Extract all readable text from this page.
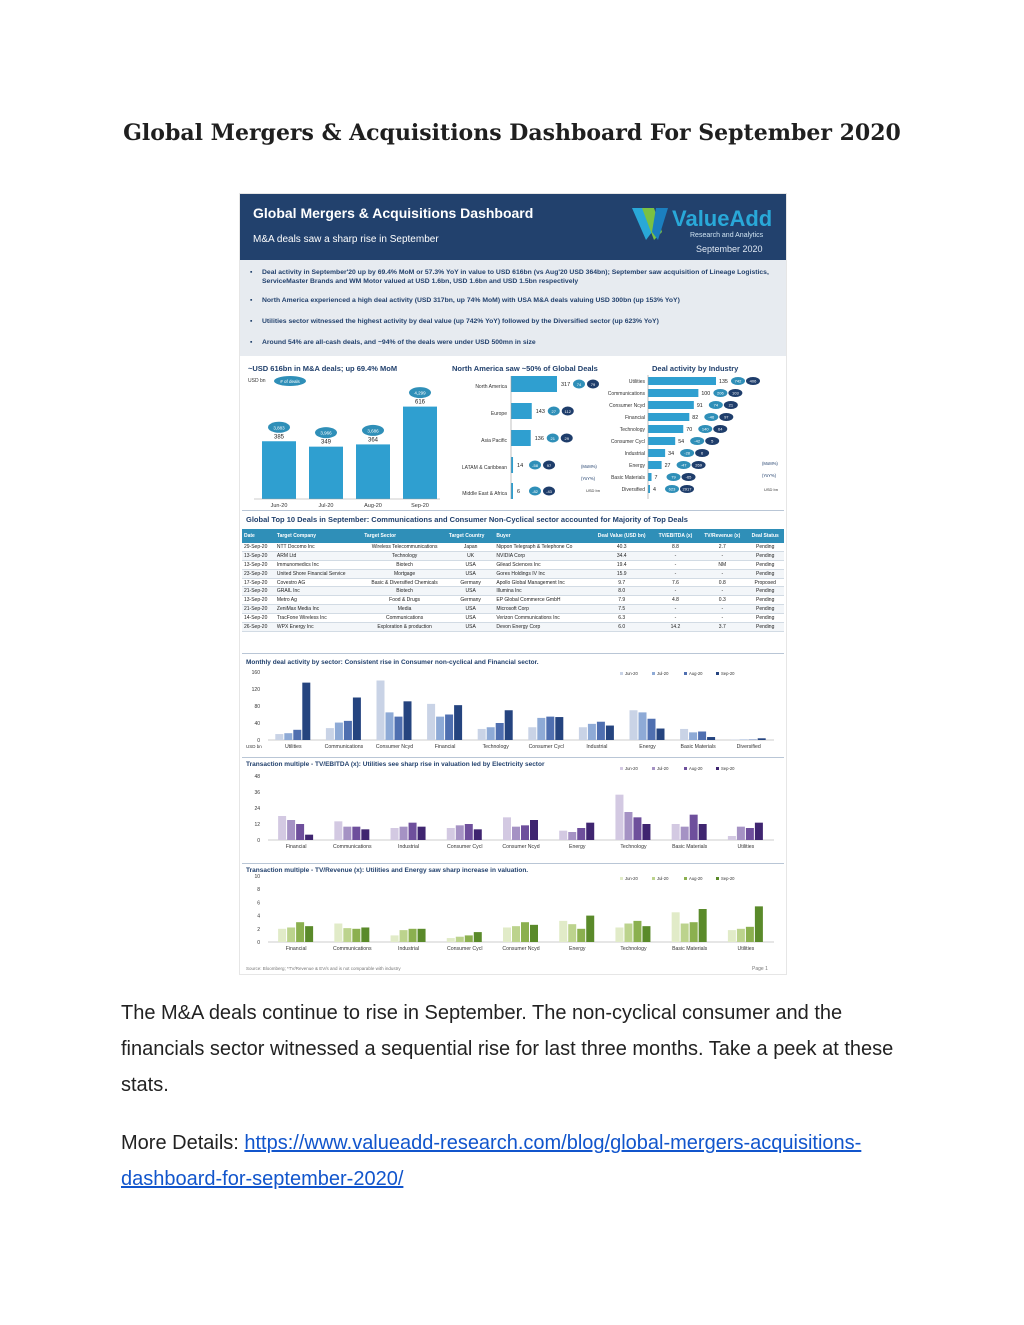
Global Mergers & Acquisitions Dashboard For September 2020
Global Mergers & Acquisitions Dashboard
M&A deals saw a sharp rise in September
ValueAdd
Research and Analytics
September 2020
▪ Deal activity in September'20 up by 69.4% MoM or 57.3% YoY in value to USD 616bn (vs Aug'20 USD 364bn); September saw acquisition of Lineage Logistics, ServiceMaster Brands and WM Motor valued at USD 1.6bn, USD 1.6bn and USD 1.5bn respectively
▪ North America experienced a high deal activity (USD 317bn, up 74% MoM) with USA M&A deals valuing USD 300bn (up 153% YoY)
▪ Utilities sector witnessed the highest activity by deal value (up 742% YoY) followed by the Diversified sector (up 623% YoY)
▪ Around 54% are all-cash deals, and ~94% of the deals were under USD 500mn in size
~USD 616bn in M&A deals; up 69.4% MoM
USD bn	# of deals
385
3,883
Jun-20
349
3,966
Jul-20
364
3,686
Aug-20
616
4,299
Sep-20
North America saw ~50% of Global Deals
North America	317 74 79
Europe	143 27 112
Asia Pacific	136 21 29
LATAM & Caribbean 14 -58 97
Middle East & Africa 6	-82 -43
(MoM%)
(YoY%)
USD bn
Deal activity by Industry
Utilities	135 742 406
Communications	100 206 103
Consumer Ncyd	91	74	21
Financial	82	-46 97
Technology	70 140 64
Consumer Cycl	54	-42	5
Industrial	34	-28	6
Energy	27	-47 269
Basic Materials 7	79 -65
Diversified 4	623 2917
(MoM%)
(YoY%)
USD bn
Global Top 10 Deals in September: Communications and Consumer Non-Cyclical sector accounted for Majority of Top Deals
Date	Target Company	Target Sector	Target Country	Buyer	Deal Value (USD bn)	TV/EBITDA (x)	TV/Revenue (x)	Deal Status
29-Sep-20	NTT Docomo Inc	Wireless Telecommunications	Japan	Nippon Telegraph & Telephone Co	40.3	8.8	2.7	Pending
13-Sep-20	ARM Ltd	Technology	UK	NVIDIA Corp	34.4	-	-	Pending
13-Sep-20	Immunomedics Inc	Biotech	USA	Gilead Sciences Inc	19.4	-	NM	Pending
23-Sep-20	United Shore Financial Service	Mortgage	USA	Gores Holdings IV Inc	15.9	-	-	Pending
17-Sep-20	Covestro AG	Basic & Diversified Chemicals	Germany	Apollo Global Management Inc	9.7	7.6	0.8	Proposed
21-Sep-20	GRAIL Inc	Biotech	USA	Illumina Inc	8.0	-	-	Pending
13-Sep-20	Metro Ag	Food & Drugs	Germany	EP Global Commerce GmbH	7.9	4.8	0.3	Pending
21-Sep-20	ZeniMax Media Inc	Media	USA	Microsoft Corp	7.5	-	-	Pending
14-Sep-20	TracFone Wireless Inc	Communications	USA	Verizon Communications Inc	6.3	-	-	Pending
26-Sep-20	WPX Energy Inc	Exploration & production	USA	Devon Energy Corp	6.0	14.2	3.7	Pending
Monthly deal activity by sector: Consistent rise in Consumer non-cyclical and Financial sector.
0
40
80
120
160
USD bn
Jun-20	Jul-20	Aug-20	Sep-20
Utilities	Communications Consumer Ncyd	Financial	Technology	Consumer Cycl	Industrial	Energy	Basic Materials	Diversified
Transaction multiple - TV/EBITDA (x): Utilities see sharp rise in valuation led by Electricity sector
0
12
24
36
48
Jun-20	Jul-20	Aug-20	Sep-20
Financial	Communications	Industrial	Consumer Cycl	Consumer Ncyd	Energy	Technology	Basic Materials	Utilities
Transaction multiple - TV/Revenue (x): Utilities and Energy saw sharp increase in valuation.
0
2
4
6
8
10	Jun-20	Jul-20	Aug-20	Sep-20
Financial	Communications	Industrial	Consumer Cycl	Consumer Ncyd	Energy	Technology	Basic Materials	Utilities
Source: Bloomberg; *TV/Revenue & EV/s and is not comparable with industry	Page 1
The M&A deals continue to rise in September. The non-cyclical consumer and the financials sector witnessed a sequential rise for last three months. Take a peek at these stats.
More Details: https://www.valueadd-research.com/blog/global-mergers-acquisitions-dashboard-for-september-2020/
